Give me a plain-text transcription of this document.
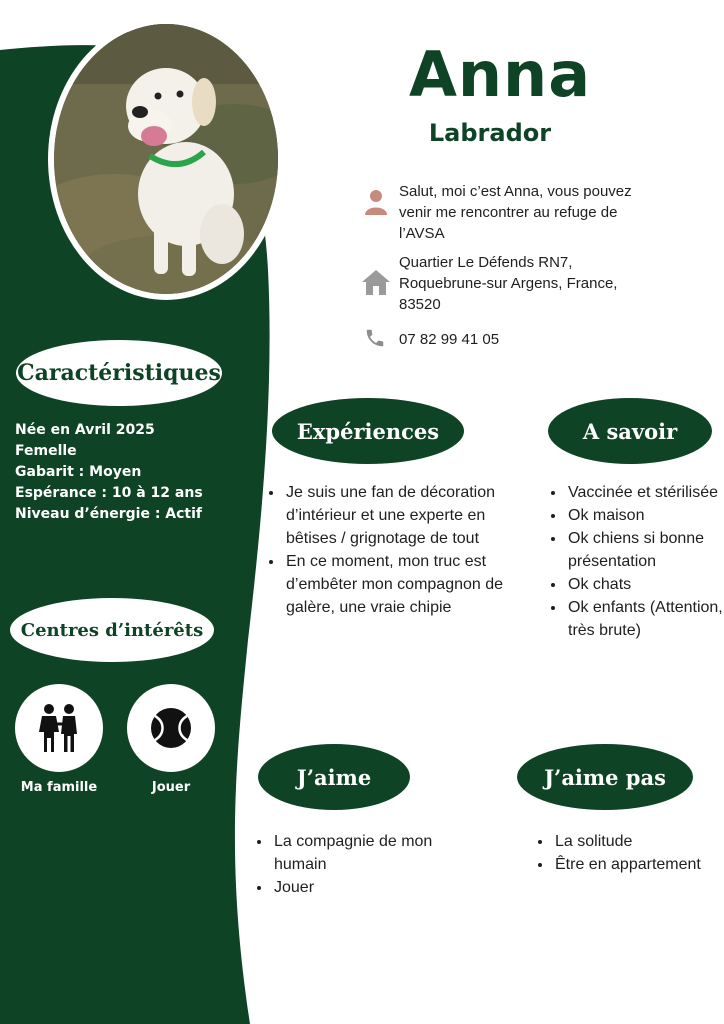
Anna
Labrador
Salut, moi c’est Anna, vous pouvez venir me rencontrer au refuge de l’AVSA
Quartier Le Défends RN7, Roquebrune-sur Argens, France, 83520
07 82 99 41 05
Caractéristiques
Née en Avril 2025
Femelle
Gabarit : Moyen
Espérance : 10 à 12 ans
Niveau d’énergie : Actif
Centres d’intérêts
Ma famille	Jouer
Expériences
• Je suis une fan de décoration d’intérieur et une experte en bêtises / grignotage de tout
• En ce moment, mon truc est d’embêter mon compagnon de galère, une vraie chipie
A savoir
• Vaccinée et stérilisée
• Ok maison
• Ok chiens si bonne présentation
• Ok chats
• Ok enfants (Attention, très brute)
J’aime
• La compagnie de mon humain
• Jouer
J’aime pas
• La solitude
• Être en appartement
